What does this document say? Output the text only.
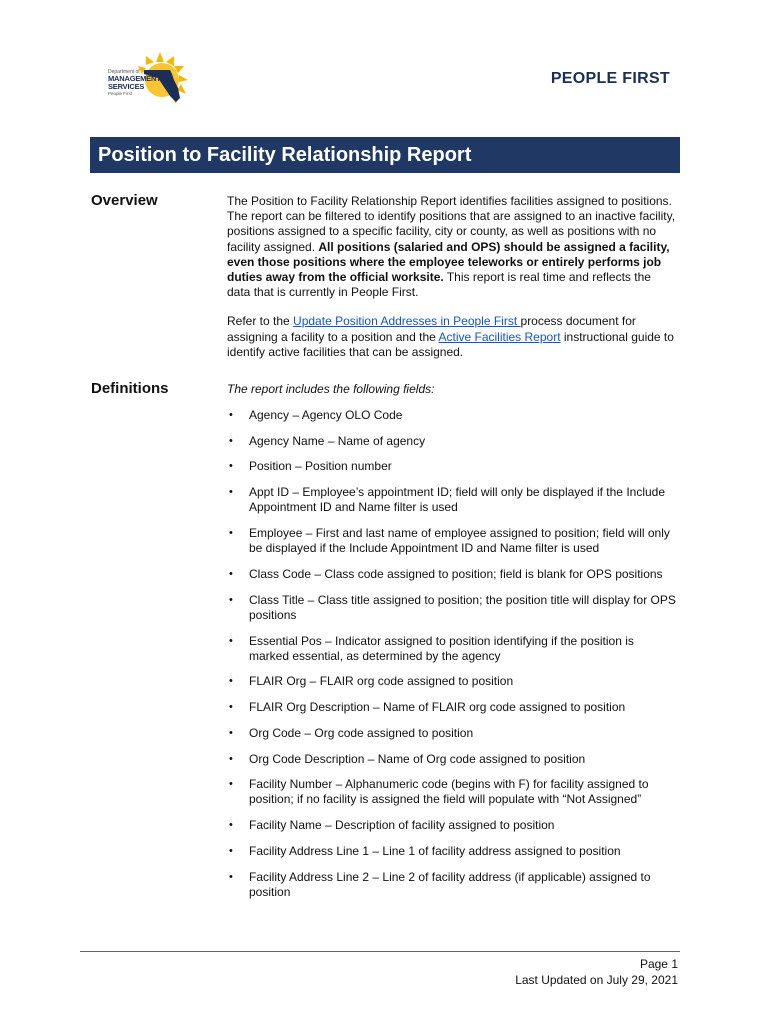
Department of
MANAGEMENT
SERVICES
People First
PEOPLE FIRST
Position to Facility Relationship Report
Overview	The Position to Facility Relationship Report identifies facilities assigned to positions. The report can be filtered to identify positions that are assigned to an inactive facility, positions assigned to a specific facility, city or county, as well as positions with no facility assigned. All positions (salaried and OPS) should be assigned a facility, even those positions where the employee teleworks or entirely performs job duties away from the official worksite. This report is real time and reflects the data that is currently in People First.

Refer to the Update Position Addresses in People First process document for assigning a facility to a position and the Active Facilities Report instructional guide to identify active facilities that can be assigned.

Definitions	The report includes the following fields:
• Agency – Agency OLO Code
• Agency Name – Name of agency
• Position – Position number
• Appt ID – Employee’s appointment ID; field will only be displayed if the Include Appointment ID and Name filter is used
• Employee – First and last name of employee assigned to position; field will only be displayed if the Include Appointment ID and Name filter is used
• Class Code – Class code assigned to position; field is blank for OPS positions
• Class Title – Class title assigned to position; the position title will display for OPS positions
• Essential Pos – Indicator assigned to position identifying if the position is marked essential, as determined by the agency
• FLAIR Org – FLAIR org code assigned to position
• FLAIR Org Description – Name of FLAIR org code assigned to position
• Org Code – Org code assigned to position
• Org Code Description – Name of Org code assigned to position
• Facility Number – Alphanumeric code (begins with F) for facility assigned to position; if no facility is assigned the field will populate with “Not Assigned”
• Facility Name – Description of facility assigned to position
• Facility Address Line 1 – Line 1 of facility address assigned to position
• Facility Address Line 2 – Line 2 of facility address (if applicable) assigned to position
Page 1
Last Updated on July 29, 2021
